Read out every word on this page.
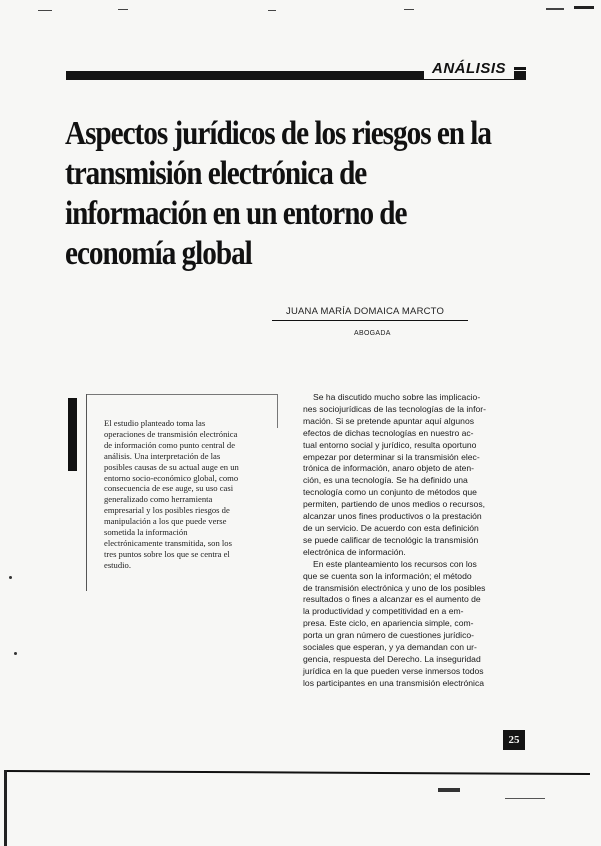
ANÁLISIS
Aspectos jurídicos de los riesgos en la
transmisión electrónica de
información en un entorno de
economía global
JUANA MARÍA DOMAICA MARCTO
ABOGADA
El estudio planteado toma las
operaciones de transmisión electrónica
de información como punto central de
análisis. Una interpretación de las
posibles causas de su actual auge en un
entorno socio-económico global, como
consecuencia de ese auge, su uso casi
generalizado como herramienta
empresarial y los posibles riesgos de
manipulación a los que puede verse
sometida la información
electrónicamente transmitida, son los
tres puntos sobre los que se centra el
estudio.
Se ha discutido mucho sobre las implicacio-
nes sociojurídicas de las tecnologías de la infor-
mación. Si se pretende apuntar aquí algunos
efectos de dichas tecnologías en nuestro ac-
tual entorno social y jurídico, resulta oportuno
empezar por determinar si la transmisión elec-
trónica de información, anaro objeto de aten-
ción, es una tecnología. Se ha definido una
tecnología como un conjunto de métodos que
permiten, partiendo de unos medios o recursos,
alcanzar unos fines productivos o la prestación
de un servicio. De acuerdo con esta definición
se puede calificar de tecnológic la transmisión
electrónica de información.
En este planteamiento los recursos con los
que se cuenta son la información; el método
de transmisión electrónica y uno de los posibles
resultados o fines a alcanzar es el aumento de
la productividad y competitividad en a em-
presa. Este ciclo, en apariencia simple, com-
porta un gran número de cuestiones jurídico-
sociales que esperan, y ya demandan con ur-
gencia, respuesta del Derecho. La inseguridad
jurídica en la que pueden verse inmersos todos
los participantes en una transmisión electrónica
25
